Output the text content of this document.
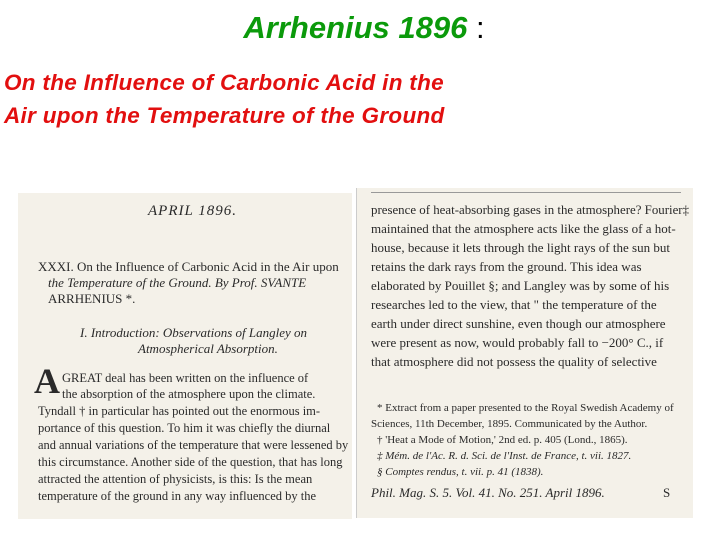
Arrhenius 1896 :
On the Influence of Carbonic Acid in the
Air upon the Temperature of the Ground
APRIL 1896.
XXXI. On the Influence of Carbonic Acid in the Air upon
the Temperature of the Ground. By Prof. SVANTE
ARRHENIUS *.
I. Introduction: Observations of Langley on
Atmospherical Absorption.
A GREAT deal has been written on the influence of
the absorption of the atmosphere upon the climate.
Tyndall † in particular has pointed out the enormous im-
portance of this question. To him it was chiefly the diurnal
and annual variations of the temperature that were lessened by
this circumstance. Another side of the question, that has long
attracted the attention of physicists, is this: Is the mean
temperature of the ground in any way influenced by the
presence of heat-absorbing gases in the atmosphere? Fourier‡
maintained that the atmosphere acts like the glass of a hot-
house, because it lets through the light rays of the sun but
retains the dark rays from the ground. This idea was
elaborated by Pouillet §; and Langley was by some of his
researches led to the view, that " the temperature of the
earth under direct sunshine, even though our atmosphere
were present as now, would probably fall to −200° C., if
that atmosphere did not possess the quality of selective
* Extract from a paper presented to the Royal Swedish Academy of
Sciences, 11th December, 1895. Communicated by the Author.
† 'Heat a Mode of Motion,' 2nd ed. p. 405 (Lond., 1865).
‡ Mém. de l'Ac. R. d. Sci. de l'Inst. de France, t. vii. 1827.
§ Comptes rendus, t. vii. p. 41 (1838).
Phil. Mag. S. 5. Vol. 41. No. 251. April 1896.	S
